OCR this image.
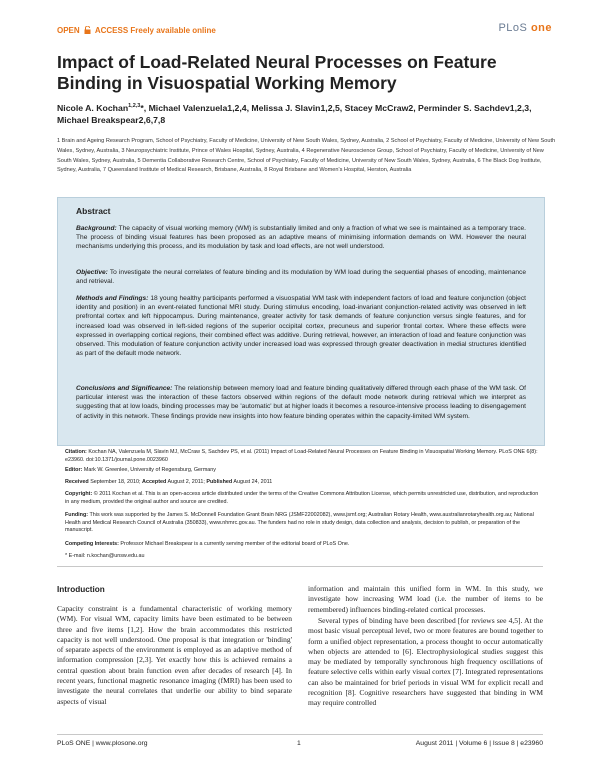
OPEN ACCESS Freely available online	PLoS one
Impact of Load-Related Neural Processes on Feature Binding in Visuospatial Working Memory
Nicole A. Kochan$^{1,2,3}$*, Michael Valenzuela1,2,4, Melissa J. Slavin1,2,5, Stacey McCraw2, Perminder S. Sachdev1,2,3, Michael Breakspear2,6,7,8
1 Brain and Ageing Research Program, School of Psychiatry, Faculty of Medicine, University of New South Wales, Sydney, Australia, 2 School of Psychiatry, Faculty of Medicine, University of New South Wales, Sydney, Australia, 3 Neuropsychiatric Institute, Prince of Wales Hospital, Sydney, Australia, 4 Regenerative Neuroscience Group, School of Psychiatry, Faculty of Medicine, University of New South Wales, Sydney, Australia, 5 Dementia Collaborative Research Centre, School of Psychiatry, Faculty of Medicine, University of New South Wales, Sydney, Australia, 6 The Black Dog Institute, Sydney, Australia, 7 Queensland Institute of Medical Research, Brisbane, Australia, 8 Royal Brisbane and Women's Hospital, Herston, Australia
Abstract

Background: The capacity of visual working memory (WM) is substantially limited and only a fraction of what we see is maintained as a temporary trace. The process of binding visual features has been proposed as an adaptive means of minimising information demands on WM. However the neural mechanisms underlying this process, and its modulation by task and load effects, are not well understood.

Objective: To investigate the neural correlates of feature binding and its modulation by WM load during the sequential phases of encoding, maintenance and retrieval.

Methods and Findings: 18 young healthy participants performed a visuospatial WM task with independent factors of load and feature conjunction (object identity and position) in an event-related functional MRI study. During stimulus encoding, load-invariant conjunction-related activity was observed in left prefrontal cortex and left hippocampus. During maintenance, greater activity for task demands of feature conjunction versus single features, and for increased load was observed in left-sided regions of the superior occipital cortex, precuneus and superior frontal cortex. Where these effects were expressed in overlapping cortical regions, their combined effect was additive. During retrieval, however, an interaction of load and feature conjunction was observed. This modulation of feature conjunction activity under increased load was expressed through greater deactivation in medial structures identified as part of the default mode network.

Conclusions and Significance: The relationship between memory load and feature binding qualitatively differed through each phase of the WM task. Of particular interest was the interaction of these factors observed within regions of the default mode network during retrieval which we interpret as suggesting that at low loads, binding processes may be 'automatic' but at higher loads it becomes a resource-intensive process leading to disengagement of activity in this network. These findings provide new insights into how feature binding operates within the capacity-limited WM system.

Citation: Kochan NA, Valenzuela M, Slavin MJ, McCraw S, Sachdev PS, et al. (2011) Impact of Load-Related Neural Processes on Feature Binding in Visuospatial Working Memory. PLoS ONE 6(8): e23960. doi:10.1371/journal.pone.0023960

Editor: Mark W. Greenlee, University of Regensburg, Germany

Received September 18, 2010; Accepted August 2, 2011; Published August 24, 2011

Copyright: © 2011 Kochan et al. This is an open-access article distributed under the terms of the Creative Commons Attribution License, which permits unrestricted use, distribution, and reproduction in any medium, provided the original author and source are credited.

Funding: This work was supported by the James S. McDonnell Foundation Grant Brain NRG (JSMF22002082), www.jsmf.org; Australian Rotary Health, www.australianrotaryhealth.org.au; National Health and Medical Research Council of Australia (350833), www.nhmrc.gov.au. The funders had no role in study design, data collection and analysis, decision to publish, or preparation of the manuscript.

Competing Interests: Professor Michael Breakspear is a currently serving member of the editorial board of PLoS One.

* E-mail: n.kochan@unsw.edu.au

Introduction

Capacity constraint is a fundamental characteristic of working memory (WM). For visual WM, capacity limits have been estimated to be between three and five items [1,2]. How the brain accommodates this restricted capacity is not well understood. One proposal is that integration or 'binding' of separate aspects of the environment is employed as an adaptive method of information compression [2,3]. Yet exactly how this is achieved remains a central question about brain function even after decades of research [4]. In recent years, functional magnetic resonance imaging (fMRI) has been used to investigate the neural correlates that underlie our ability to bind separate aspects of visual

information and maintain this unified form in WM. In this study, we investigate how increasing WM load (i.e. the number of items to be remembered) influences binding-related cortical processes.

Several types of binding have been described [for reviews see 4,5]. At the most basic visual perceptual level, two or more features are bound together to form a unified object representation, a process thought to occur automatically when objects are attended to [6]. Electrophysiological studies suggest this may be mediated by temporally synchronous high frequency oscillations of feature selective cells within early visual cortex [7]. Integrated representations can also be maintained for brief periods in visual WM for explicit recall and recognition [8]. Cognitive researchers have suggested that binding in WM may require controlled

PLoS ONE | www.plosone.org	1	August 2011 | Volume 6 | Issue 8 | e23960
